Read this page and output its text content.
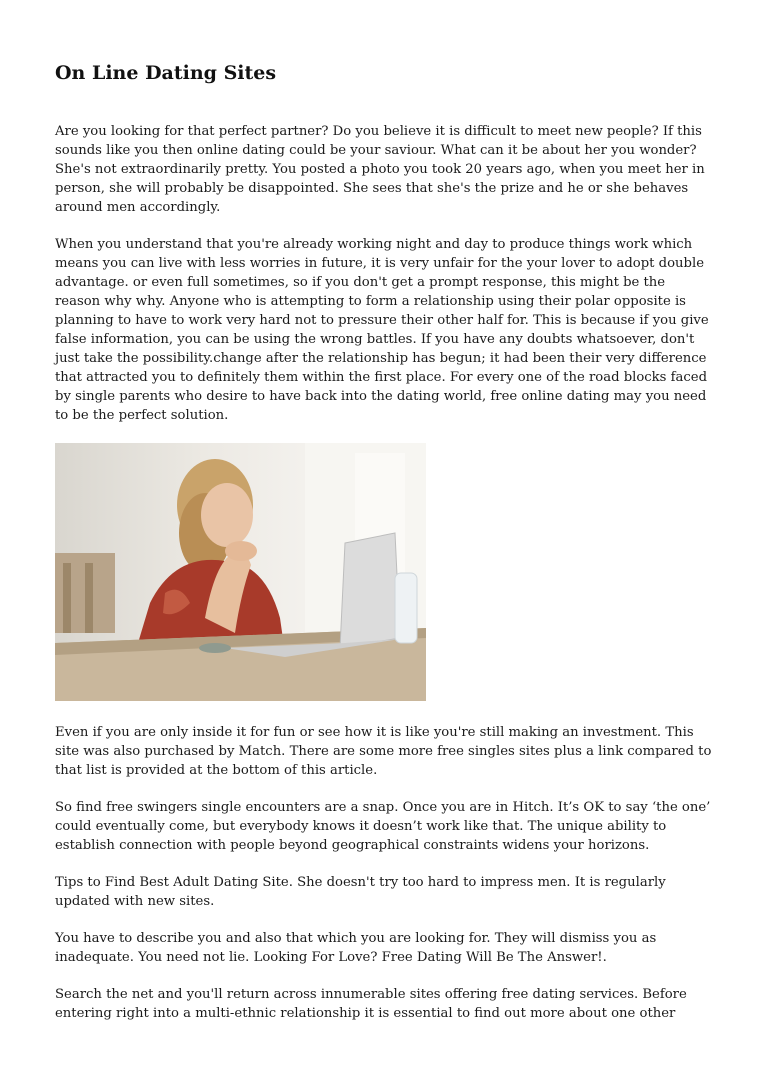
On Line Dating Sites

Are you looking for that perfect partner? Do you believe it is difficult to meet new people? If this sounds like you then online dating could be your saviour. What can it be about her you wonder? She's not extraordinarily pretty. You posted a photo you took 20 years ago, when you meet her in person, she will probably be disappointed. She sees that she's the prize and he or she behaves around men accordingly.

When you understand that you're already working night and day to produce things work which means you can live with less worries in future, it is very unfair for the your lover to adopt double advantage. or even full sometimes, so if you don't get a prompt response, this might be the reason why why. Anyone who is attempting to form a relationship using their polar opposite is planning to have to work very hard not to pressure their other half for. This is because if you give false information, you can be using the wrong battles. If you have any doubts whatsoever, don't just take the possibility.change after the relationship has begun; it had been their very difference that attracted you to definitely them within the first place. For every one of the road blocks faced by single parents who desire to have back into the dating world, free online dating may you need to be the perfect solution.

Even if you are only inside it for fun or see how it is like you're still making an investment. This site was also purchased by Match. There are some more free singles sites plus a link compared to that list is provided at the bottom of this article.

So find free swingers single encounters are a snap. Once you are in Hitch. It’s OK to say ‘the one’ could eventually come, but everybody knows it doesn’t work like that. The unique ability to establish connection with people beyond geographical constraints widens your horizons.

Tips to Find Best Adult Dating Site. She doesn't try too hard to impress men. It is regularly updated with new sites.

You have to describe you and also that which you are looking for. They will dismiss you as inadequate. You need not lie. Looking For Love? Free Dating Will Be The Answer!.

Search the net and you'll return across innumerable sites offering free dating services. Before entering right into a multi-ethnic relationship it is essential to find out more about one other
